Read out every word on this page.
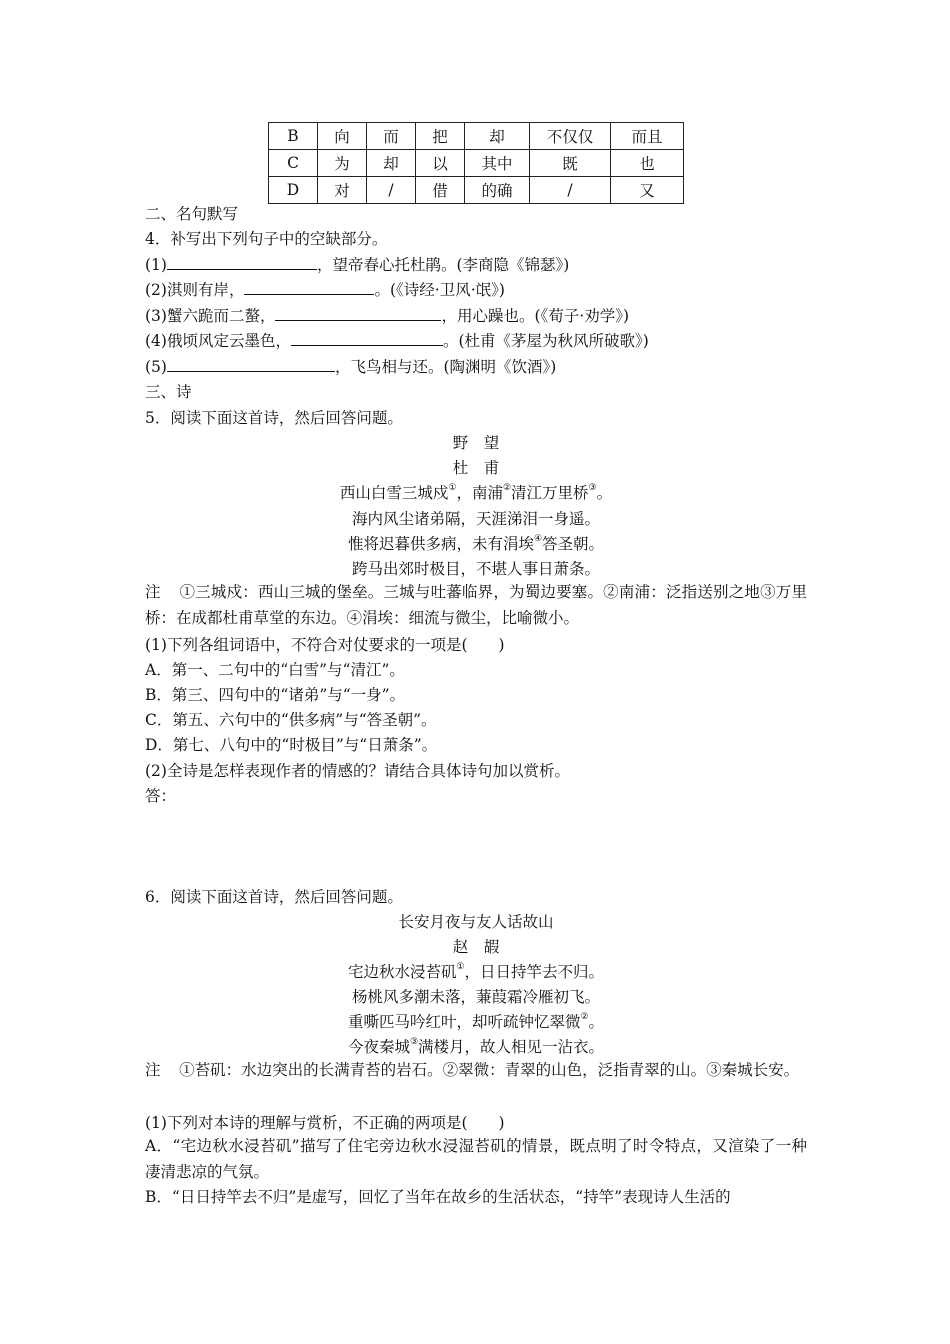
B	向	而	把	却	不仅仅	而且
C	为	却	以	其中	既	也
D	对	/	借	的确	/	又
二、名句默写
4．补写出下列句子中的空缺部分。
(1)	，望帝春心托杜鹃。(李商隐《锦瑟》)
(2)淇则有岸，	。(《诗经·卫风·氓》)
(3)蟹六跪而二螯，	，用心躁也。(《荀子·劝学》)
(4)俄顷风定云墨色，	。(杜甫《茅屋为秋风所破歌》)
(5)	，飞鸟相与还。(陶渊明《饮酒》)
三、诗
5．阅读下面这首诗，然后回答问题。
野　望
杜　甫
西山白雪三城戍①，南浦②清江万里桥③。
海内风尘诸弟隔，天涯涕泪一身遥。
惟将迟暮供多病，未有涓埃④答圣朝。
跨马出郊时极目，不堪人事日萧条。
注 ①三城戍：西山三城的堡垒。三城与吐蕃临界，为蜀边要塞。②南浦：泛指送别之地③万里桥：在成都杜甫草堂的东边。④涓埃：细流与微尘，比喻微小。
(1)下列各组词语中，不符合对仗要求的一项是(　　)
A．第一、二句中的“白雪”与“清江”。
B．第三、四句中的“诸弟”与“一身”。
C．第五、六句中的“供多病”与“答圣朝”。
D．第七、八句中的“时极目”与“日萧条”。
(2)全诗是怎样表现作者的情感的？请结合具体诗句加以赏析。
答：
6．阅读下面这首诗，然后回答问题。
长安月夜与友人话故山
赵　嘏
宅边秋水浸苔矶①，日日持竿去不归。
杨桃风多潮未落，蒹葭霜冷雁初飞。
重嘶匹马吟红叶，却听疏钟忆翠微②。
今夜秦城③满楼月，故人相见一沾衣。
注 ①苔矶：水边突出的长满青苔的岩石。②翠微：青翠的山色，泛指青翠的山。③秦城长安。
(1)下列对本诗的理解与赏析，不正确的两项是(　　)
A．“宅边秋水浸苔矶”描写了住宅旁边秋水浸湿苔矶的情景，既点明了时令特点，又渲染了一种凄清悲凉的气氛。
B．“日日持竿去不归”是虚写，回忆了当年在故乡的生活状态，“持竿”表现诗人生活的
